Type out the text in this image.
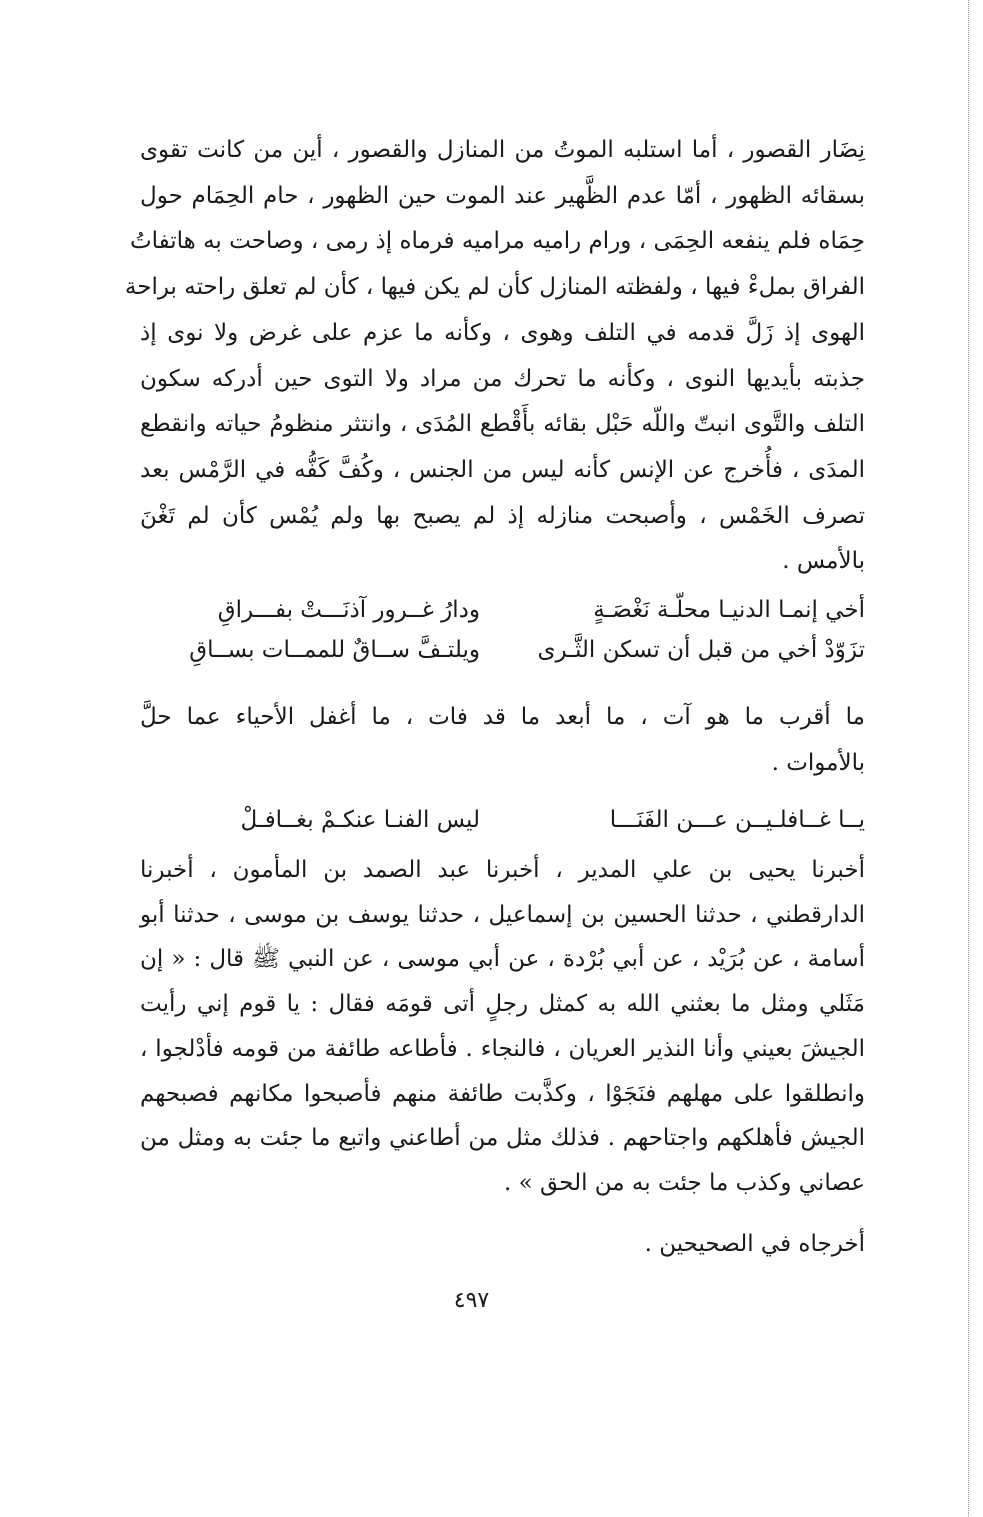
نِضَار القصور ، أما استلبه الموتُ من المنازل والقصور ، أين من كانت تقوى
بسقائه الظهور ، أمّا عدم الظَّهير عند الموت حين الظهور ، حام الحِمَام حول
حِمَاه فلم ينفعه الحِمَى ، ورام راميه مراميه فرماه إذ رمى ، وصاحت به هاتفاتُ
الفراق بملءْ فيها ، ولفظته المنازل كأن لم يكن فيها ، كأن لم تعلق راحته براحة
الهوى إذ زَلَّ قدمه في التلف وهوى ، وكأنه ما عزم على غرض ولا نوى إذ
جذبته بأيديها النوى ، وكأنه ما تحرك من مراد ولا التوى حين أدركه سكون
التلف والتَّوى انبتّ واللّه حَبْل بقائه بأَقْطع المُدَى ، وانتثر منظومُ حياته وانقطع
المدَى ، فأُخرج عن الإنس كأنه ليس من الجنس ، وكُفَّ كَفُّه في الرَّمْس بعد
تصرف الخَمْس ، وأصبحت منازله إذ لم يصبح بها ولم يُمْس كأن لم تَغْنَ
بالأمس .
أخي إنمـا الدنيـا محلّـة نَغْصَـةٍ
ودارُ غــرور آذنَـــتْ بفـــراقِ
تزَوّدْ أخي من قبل أن تسكن الثَّـرى
ويلتـفَّ ســاقٌ للممــات بســاقِ
ما أقرب ما هو آت ، ما أبعد ما قد فات ، ما أغفل الأحياء عما حلَّ
بالأموات .
يــا غــافلـيــن عـــن الفَنَـــا
ليس الفنـا عنكـمْ بغــافـلْ
أخبرنا يحيى بن علي المدير ، أخبرنا عبد الصمد بن المأمون ، أخبرنا
الدارقطني ، حدثنا الحسين بن إسماعيل ، حدثنا يوسف بن موسى ، حدثنا أبو
أسامة ، عن بُرَيْد ، عن أبي بُرْدة ، عن أبي موسى ، عن النبي ﷺ قال : « إن
مَثَلي ومثل ما بعثني الله به كمثل رجلٍ أتى قومَه فقال : يا قوم إني رأيت
الجيشَ بعيني وأنا النذير العريان ، فالنجاء . فأطاعه طائفة من قومه فأدْلجوا ،
وانطلقوا على مهلهم فنَجَوْا ، وكذَّبت طائفة منهم فأصبحوا مكانهم فصبحهم
الجيش فأهلكهم واجتاحهم . فذلك مثل من أطاعني واتبع ما جئت به ومثل من
عصاني وكذب ما جئت به من الحق » .
أخرجاه في الصحيحين .
٤٩٧
